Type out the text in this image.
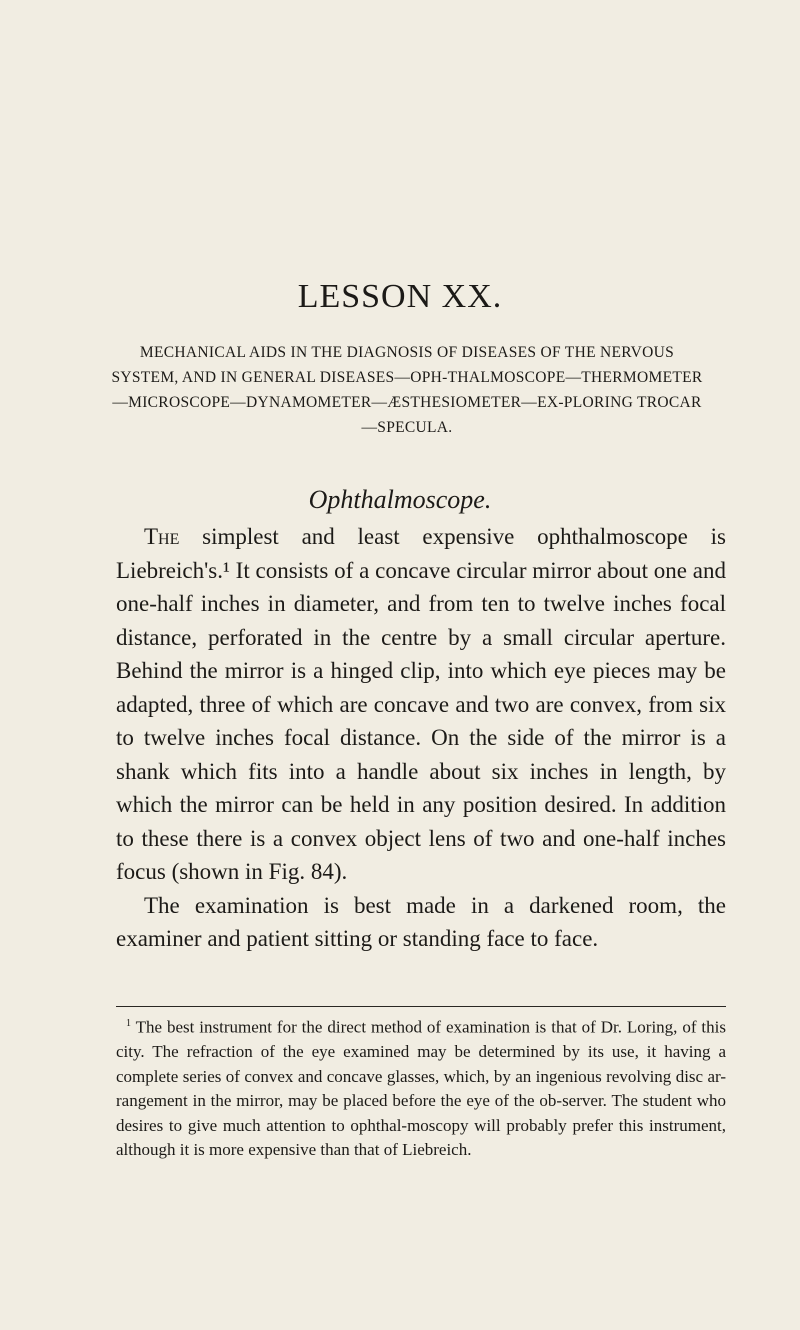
LESSON XX.
MECHANICAL AIDS IN THE DIAGNOSIS OF DISEASES OF THE NERVOUS SYSTEM, AND IN GENERAL DISEASES—OPH-THALMOSCOPE—THERMOMETER—MICROSCOPE—DYNAMOMETER—ÆSTHESIOMETER—EX-PLORING TROCAR—SPECULA.
Ophthalmoscope.

The simplest and least expensive ophthalmoscope is Liebreich's.¹ It consists of a concave circular mirror about one and one-half inches in diameter, and from ten to twelve inches focal distance, perforated in the centre by a small circular aperture. Behind the mirror is a hinged clip, into which eye pieces may be adapted, three of which are concave and two are convex, from six to twelve inches focal distance. On the side of the mirror is a shank which fits into a handle about six inches in length, by which the mirror can be held in any position desired. In addition to these there is a convex object lens of two and one-half inches focus (shown in Fig. 84).

The examination is best made in a darkened room, the examiner and patient sitting or standing face to face.

$^1$ The best instrument for the direct method of examination is that of Dr. Loring, of this city. The refraction of the eye examined may be determined by its use, it having a complete series of convex and concave glasses, which, by an ingenious revolving disc ar-rangement in the mirror, may be placed before the eye of the ob-server. The student who desires to give much attention to ophthal-moscopy will probably prefer this instrument, although it is more expensive than that of Liebreich.
